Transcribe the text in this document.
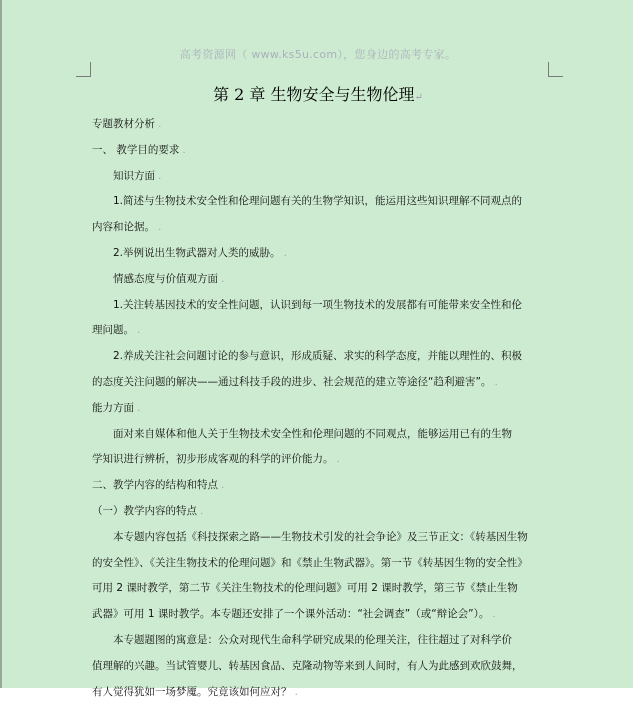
高考资源网（ www.ks5u.com），您身边的高考专家。
第 2 章 生物安全与生物伦理↵
专题教材分析 .
一、 教学目的要求 .
知识方面 .
1.简述与生物技术安全性和伦理问题有关的生物学知识，能运用这些知识理解不同观点的
内容和论据。 .
2.举例说出生物武器对人类的威胁。 .
情感态度与价值观方面 .
1.关注转基因技术的安全性问题，认识到每一项生物技术的发展都有可能带来安全性和伦
理问题。 .
2.养成关注社会问题讨论的参与意识，形成质疑、求实的科学态度，并能以理性的、积极
的态度关注问题的解决——通过科技手段的进步、社会规范的建立等途径“趋利避害”。 .
能力方面 .
面对来自媒体和他人关于生物技术安全性和伦理问题的不同观点，能够运用已有的生物
学知识进行辨析，初步形成客观的科学的评价能力。 .
二、教学内容的结构和特点 .
（一）教学内容的特点 .
本专题内容包括《科技探索之路——生物技术引发的社会争论》及三节正文：《转基因生物
的安全性》、《关注生物技术的伦理问题》和《禁止生物武器》。第一节《转基因生物的安全性》
可用 2 课时教学，第二节《关注生物技术的伦理问题》可用 2 课时教学，第三节《禁止生物
武器》可用 1 课时教学。本专题还安排了一个课外活动：“社会调查”（或“辩论会”）。 .
本专题题图的寓意是：公众对现代生命科学研究成果的伦理关注，往往超过了对科学价
值理解的兴趣。当试管婴儿、转基因食品、克隆动物等来到人间时，有人为此感到欢欣鼓舞，
有人觉得犹如一场梦魇。究竟该如何应对？ .
